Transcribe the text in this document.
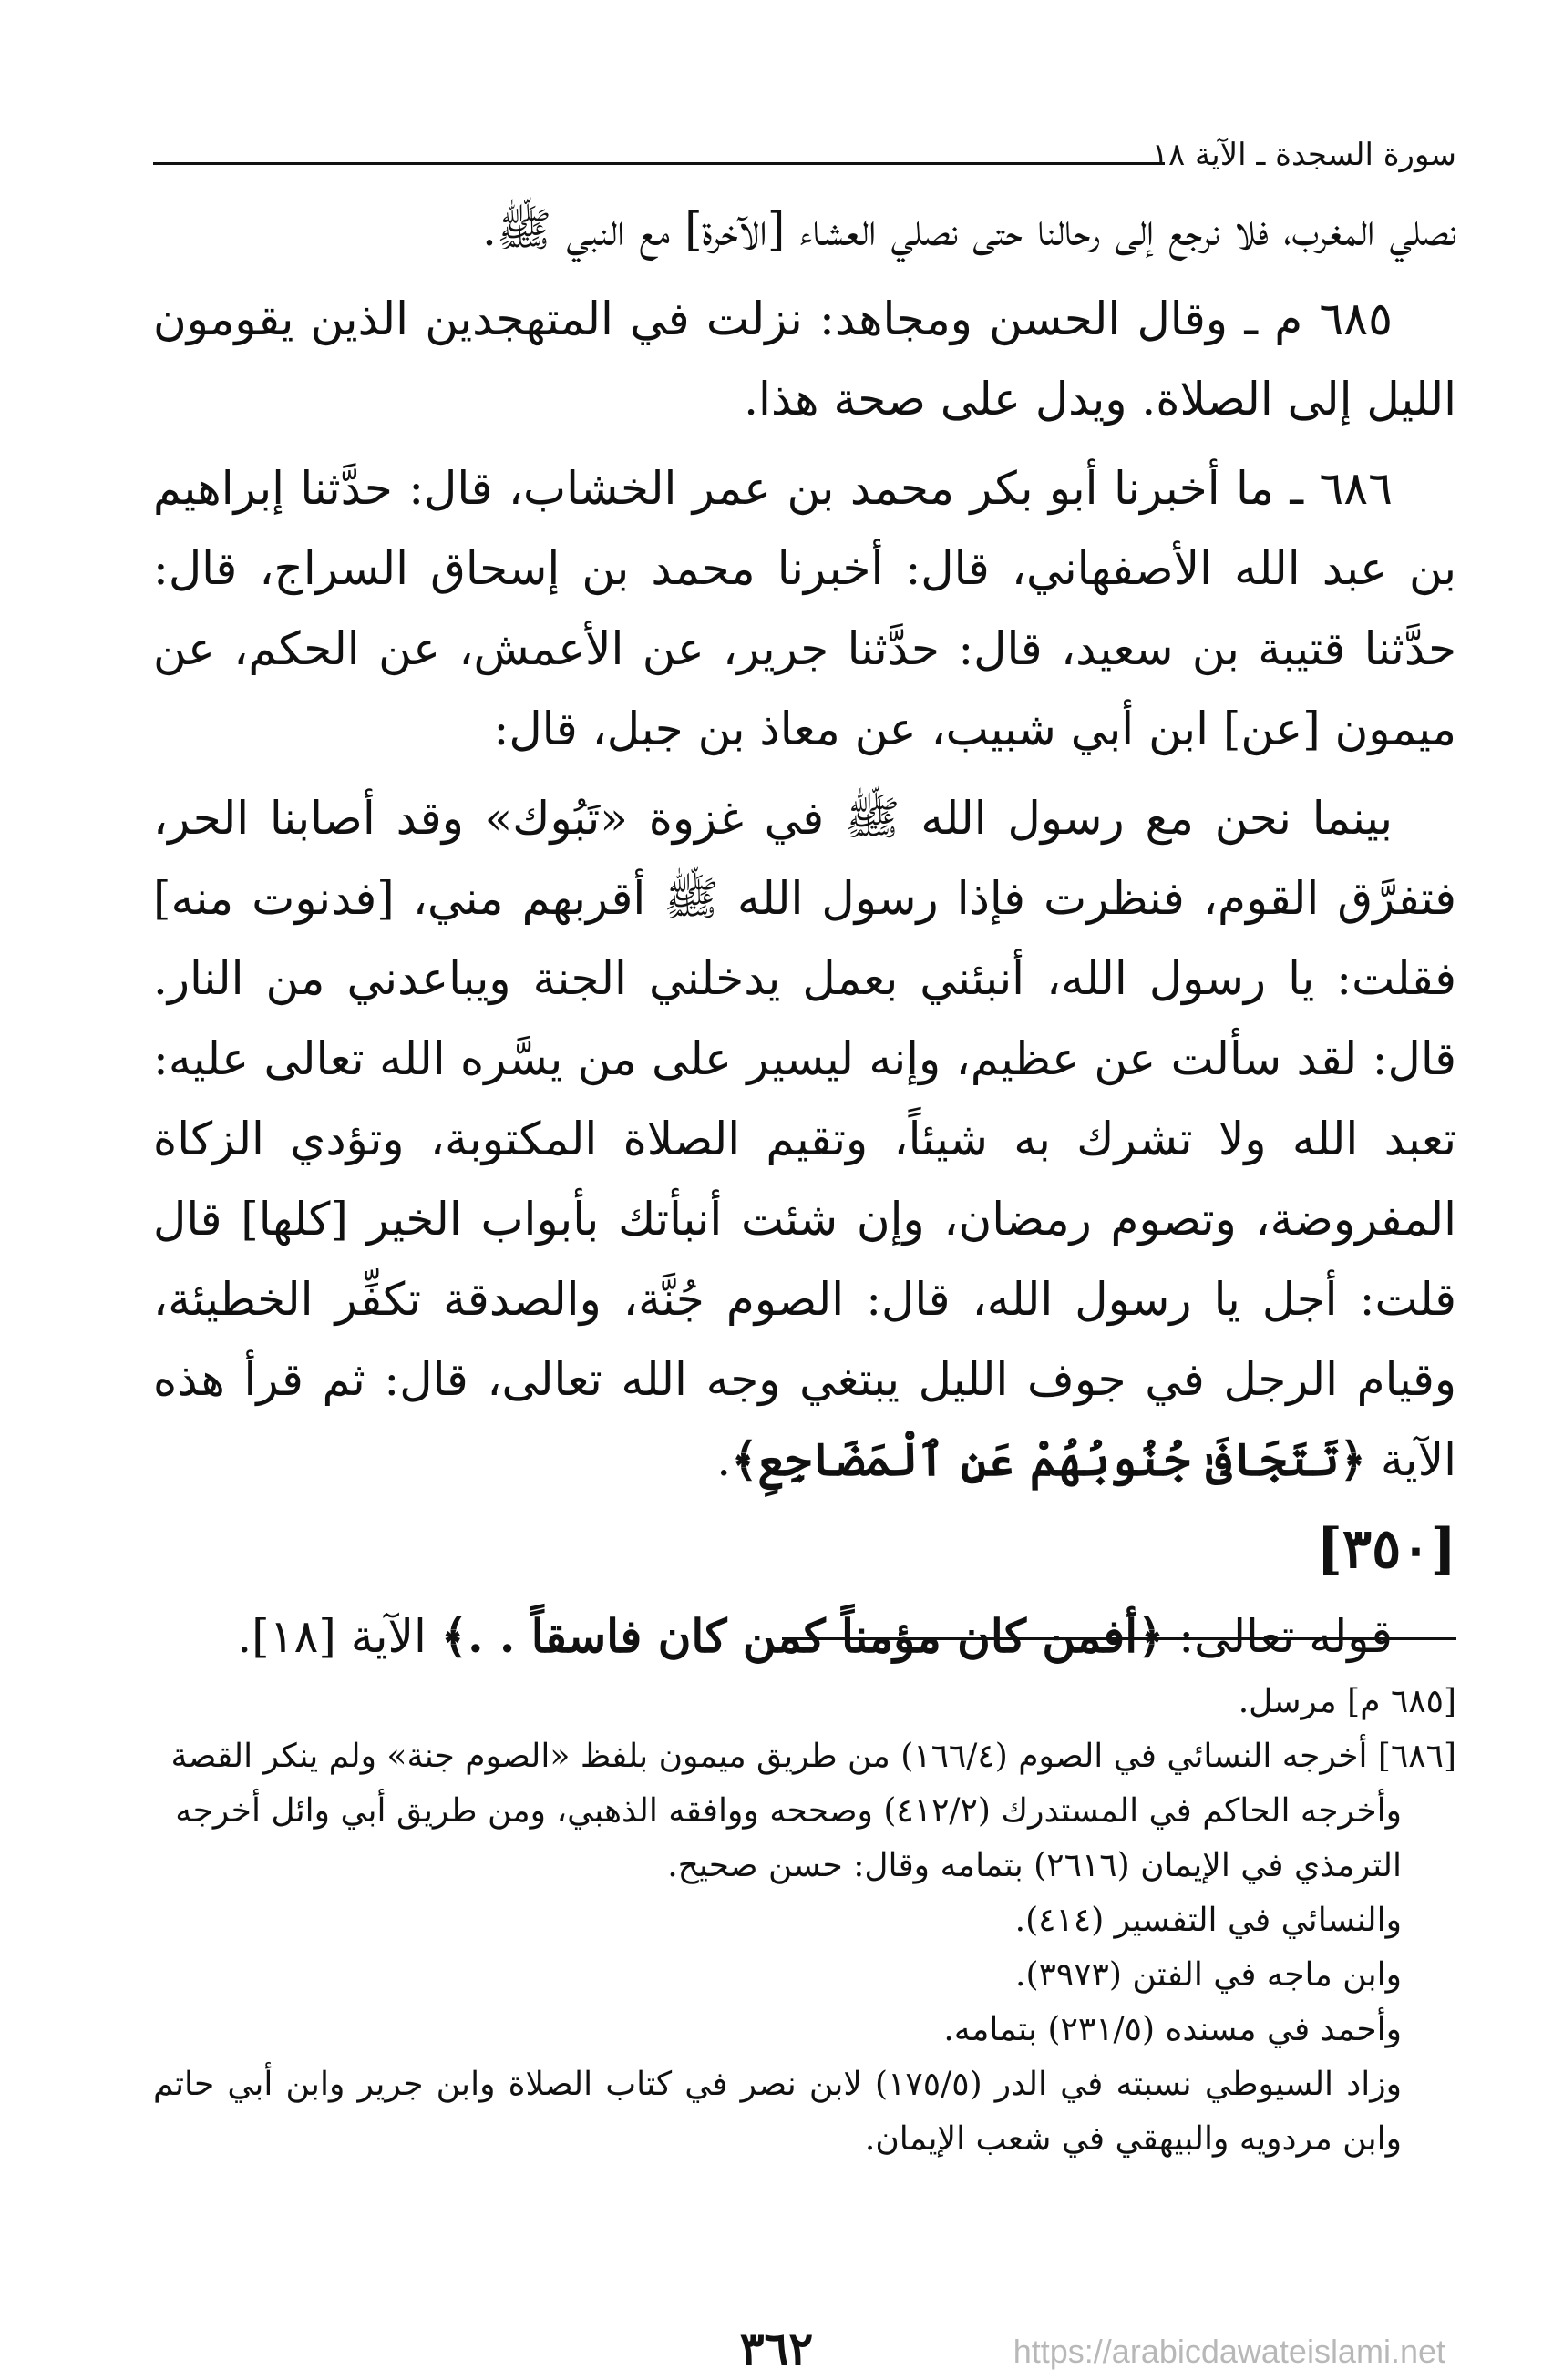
سورة السجدة ـ الآية ١٨

نصلي المغرب، فلا نرجع إلى رحالنا حتى نصلي العشاء [الآخرة] مع النبي ﷺ.

٦٨٥ م ـ وقال الحسن ومجاهد: نزلت في المتهجدين الذين يقومون الليل إلى الصلاة. ويدل على صحة هذا.

٦٨٦ ـ ما أخبرنا أبو بكر محمد بن عمر الخشاب، قال: حدَّثنا إبراهيم بن عبد الله الأصفهاني، قال: أخبرنا محمد بن إسحاق السراج، قال: حدَّثنا قتيبة بن سعيد، قال: حدَّثنا جرير، عن الأعمش، عن الحكم، عن ميمون [عن] ابن أبي شبيب، عن معاذ بن جبل، قال:

بينما نحن مع رسول الله ﷺ في غزوة «تَبُوك» وقد أصابنا الحر، فتفرَّق القوم، فنظرت فإذا رسول الله ﷺ أقربهم مني، [فدنوت منه] فقلت: يا رسول الله، أنبئني بعمل يدخلني الجنة ويباعدني من النار. قال: لقد سألت عن عظيم، وإنه ليسير على من يسَّره الله تعالى عليه: تعبد الله ولا تشرك به شيئاً، وتقيم الصلاة المكتوبة، وتؤدي الزكاة المفروضة، وتصوم رمضان، وإن شئت أنبأتك بأبواب الخير [كلها] قال قلت: أجل يا رسول الله، قال: الصوم جُنَّة، والصدقة تكفِّر الخطيئة، وقيام الرجل في جوف الليل يبتغي وجه الله تعالى، قال: ثم قرأ هذه الآية ﴿تَتَجَافَىٰ جُنُوبُهُمْ عَنِ ٱلْمَضَاجِعِ﴾.

[٣٥٠]

قوله تعالى: ﴿أفمن كان مؤمناً كمن كان فاسقاً . .﴾ الآية [١٨].

[٦٨٥ م] مرسل.

[٦٨٦] أخرجه النسائي في الصوم (١٦٦/٤) من طريق ميمون بلفظ «الصوم جنة» ولم ينكر القصة

وأخرجه الحاكم في المستدرك (٤١٢/٢) وصححه ووافقه الذهبي، ومن طريق أبي وائل أخرجه

الترمذي في الإيمان (٢٦١٦) بتمامه وقال: حسن صحيح.

والنسائي في التفسير (٤١٤).

وابن ماجه في الفتن (٣٩٧٣).

وأحمد في مسنده (٢٣١/٥) بتمامه.

وزاد السيوطي نسبته في الدر (١٧٥/٥) لابن نصر في كتاب الصلاة وابن جرير وابن أبي حاتم وابن مردويه والبيهقي في شعب الإيمان.

٣٦٢	https://arabicdawateislami.net
